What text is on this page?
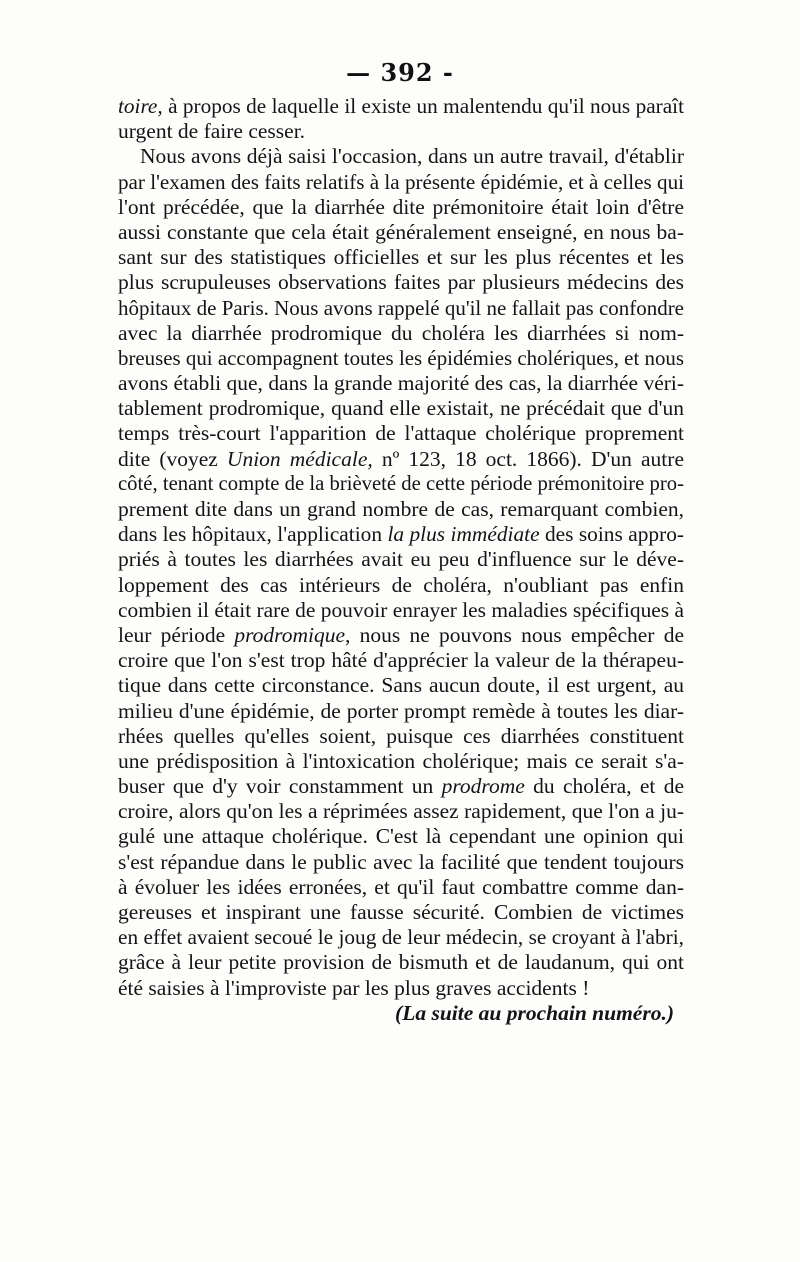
— 392 -
toire, à propos de laquelle il existe un malentendu qu'il nous paraît
urgent de faire cesser.
Nous avons déjà saisi l'occasion, dans un autre travail, d'établir
par l'examen des faits relatifs à la présente épidémie, et à celles qui
l'ont précédée, que la diarrhée dite prémonitoire était loin d'être
aussi constante que cela était généralement enseigné, en nous ba-
sant sur des statistiques officielles et sur les plus récentes et les
plus scrupuleuses observations faites par plusieurs médecins des
hôpitaux de Paris. Nous avons rappelé qu'il ne fallait pas confondre
avec la diarrhée prodromique du choléra les diarrhées si nom-
breuses qui accompagnent toutes les épidémies cholériques, et nous
avons établi que, dans la grande majorité des cas, la diarrhée véri-
tablement prodromique, quand elle existait, ne précédait que d'un
temps très-court l'apparition de l'attaque cholérique proprement
dite (voyez Union médicale, nº 123, 18 oct. 1866). D'un autre
côté, tenant compte de la brièveté de cette période prémonitoire pro-
prement dite dans un grand nombre de cas, remarquant combien,
dans les hôpitaux, l'application la plus immédiate des soins appro-
priés à toutes les diarrhées avait eu peu d'influence sur le déve-
loppement des cas intérieurs de choléra, n'oubliant pas enfin
combien il était rare de pouvoir enrayer les maladies spécifiques à
leur période prodromique, nous ne pouvons nous empêcher de
croire que l'on s'est trop hâté d'apprécier la valeur de la thérapeu-
tique dans cette circonstance. Sans aucun doute, il est urgent, au
milieu d'une épidémie, de porter prompt remède à toutes les diar-
rhées quelles qu'elles soient, puisque ces diarrhées constituent
une prédisposition à l'intoxication cholérique; mais ce serait s'a-
buser que d'y voir constamment un prodrome du choléra, et de
croire, alors qu'on les a réprimées assez rapidement, que l'on a ju-
gulé une attaque cholérique. C'est là cependant une opinion qui
s'est répandue dans le public avec la facilité que tendent toujours
à évoluer les idées erronées, et qu'il faut combattre comme dan-
gereuses et inspirant une fausse sécurité. Combien de victimes
en effet avaient secoué le joug de leur médecin, se croyant à l'abri,
grâce à leur petite provision de bismuth et de laudanum, qui ont
été saisies à l'improviste par les plus graves accidents !
(La suite au prochain numéro.)
